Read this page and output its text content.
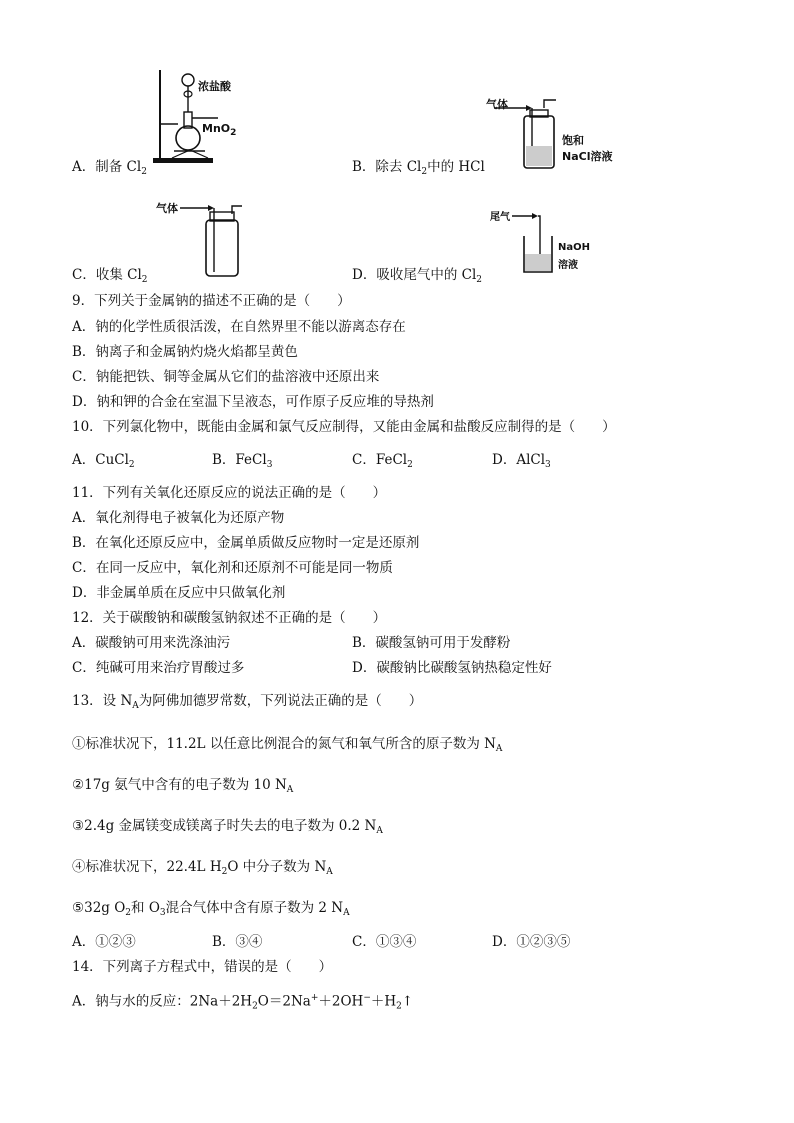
浓盐酸
MnO$_2$
A．制备 $Cl_2$
气体
饱和
NaCl溶液
B．除去 $Cl_2$中的 HCl
气体
C．收集 $Cl_2$
尾气
NaOH
溶液
D．吸收尾气中的 $Cl_2$
9．下列关于金属钠的描述不正确的是（　　）
A．钠的化学性质很活泼，在自然界里不能以游离态存在
B．钠离子和金属钠灼烧火焰都呈黄色
C．钠能把铁、铜等金属从它们的盐溶液中还原出来
D．钠和钾的合金在室温下呈液态，可作原子反应堆的导热剂
10．下列氯化物中，既能由金属和氯气反应制得，又能由金属和盐酸反应制得的是（　　）
A．CuCl$_2$	B．FeCl$_3$	C．FeCl$_2$	D．AlCl$_3$
11．下列有关氧化还原反应的说法正确的是（　　）
A．氧化剂得电子被氧化为还原产物
B．在氧化还原反应中，金属单质做反应物时一定是还原剂
C．在同一反应中，氧化剂和还原剂不可能是同一物质
D．非金属单质在反应中只做氧化剂
12．关于碳酸钠和碳酸氢钠叙述不正确的是（　　）
A．碳酸钠可用来洗涤油污	B．碳酸氢钠可用于发酵粉
C．纯碱可用来治疗胃酸过多	D．碳酸钠比碳酸氢钠热稳定性好
13．设 $N_A$为阿佛加德罗常数，下列说法正确的是（　　）
①标准状况下，11.2L 以任意比例混合的氮气和氧气所含的原子数为 $N_A$
②17g 氨气中含有的电子数为 10 $N_A$
③2.4g 金属镁变成镁离子时失去的电子数为 0.2 $N_A$
④标准状况下，22.4L $H_2O$ 中分子数为 $N_A$
⑤32g $O_2$和 $O_3$混合气体中含有原子数为 2 $N_A$
A．①②③	B．③④	C．①③④	D．①②③⑤
14．下列离子方程式中，错误的是（　　）
A．钠与水的反应：$2Na+2H_2O=2Na^++2OH^-+H_2↑$
